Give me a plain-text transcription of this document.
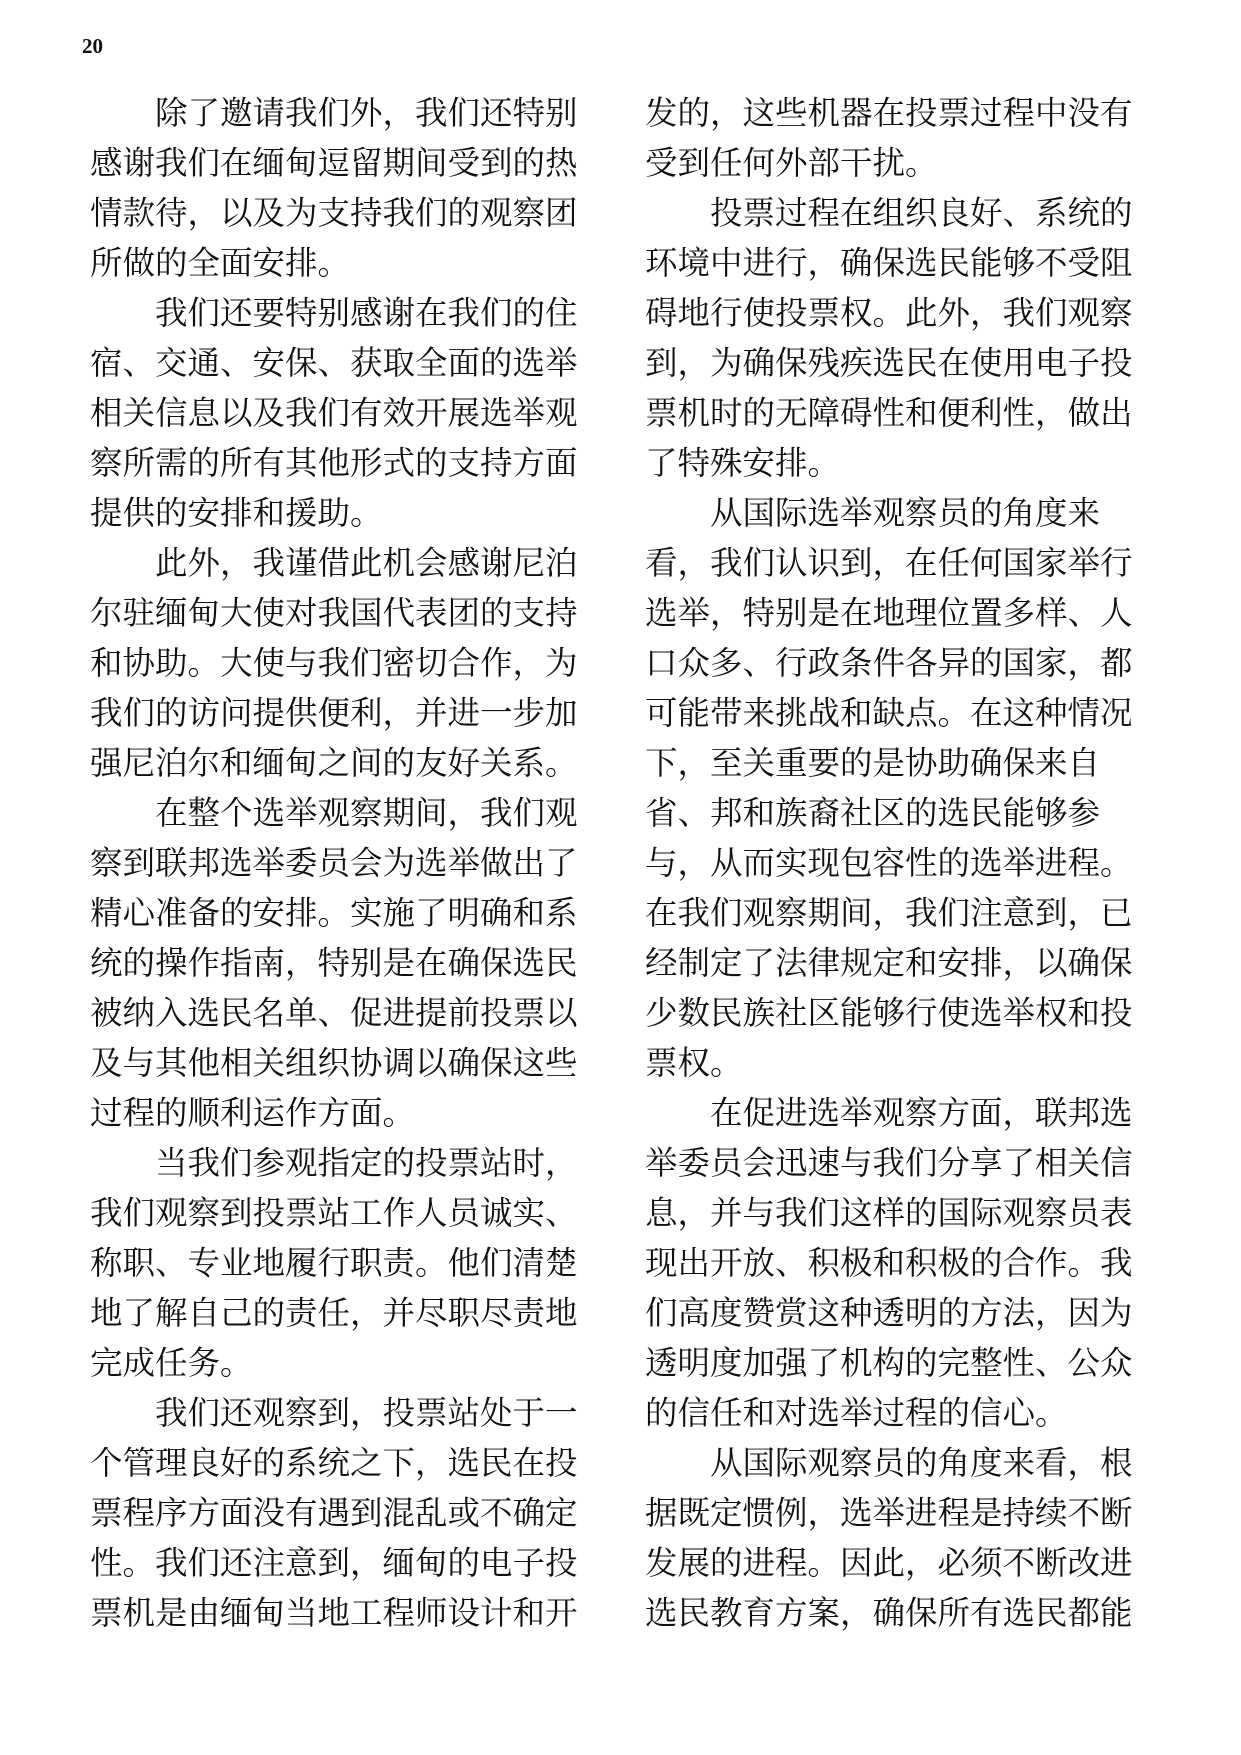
20
除了邀请我们外，我们还特别
感谢我们在缅甸逗留期间受到的热
情款待，以及为支持我们的观察团
所做的全面安排。
我们还要特别感谢在我们的住
宿、交通、安保、获取全面的选举
相关信息以及我们有效开展选举观
察所需的所有其他形式的支持方面
提供的安排和援助。
此外，我谨借此机会感谢尼泊
尔驻缅甸大使对我国代表团的支持
和协助。大使与我们密切合作，为
我们的访问提供便利，并进一步加
强尼泊尔和缅甸之间的友好关系。
在整个选举观察期间，我们观
察到联邦选举委员会为选举做出了
精心准备的安排。实施了明确和系
统的操作指南，特别是在确保选民
被纳入选民名单、促进提前投票以
及与其他相关组织协调以确保这些
过程的顺利运作方面。
当我们参观指定的投票站时，
我们观察到投票站工作人员诚实、
称职、专业地履行职责。他们清楚
地了解自己的责任，并尽职尽责地
完成任务。
我们还观察到，投票站处于一
个管理良好的系统之下，选民在投
票程序方面没有遇到混乱或不确定
性。我们还注意到，缅甸的电子投
票机是由缅甸当地工程师设计和开
发的，这些机器在投票过程中没有
受到任何外部干扰。
投票过程在组织良好、系统的
环境中进行，确保选民能够不受阻
碍地行使投票权。此外，我们观察
到，为确保残疾选民在使用电子投
票机时的无障碍性和便利性，做出
了特殊安排。
从国际选举观察员的角度来
看，我们认识到，在任何国家举行
选举，特别是在地理位置多样、人
口众多、行政条件各异的国家，都
可能带来挑战和缺点。在这种情况
下，至关重要的是协助确保来自
省、邦和族裔社区的选民能够参
与，从而实现包容性的选举进程。
在我们观察期间，我们注意到，已
经制定了法律规定和安排，以确保
少数民族社区能够行使选举权和投
票权。
在促进选举观察方面，联邦选
举委员会迅速与我们分享了相关信
息，并与我们这样的国际观察员表
现出开放、积极和积极的合作。我
们高度赞赏这种透明的方法，因为
透明度加强了机构的完整性、公众
的信任和对选举过程的信心。
从国际观察员的角度来看，根
据既定惯例，选举进程是持续不断
发展的进程。因此，必须不断改进
选民教育方案，确保所有选民都能
